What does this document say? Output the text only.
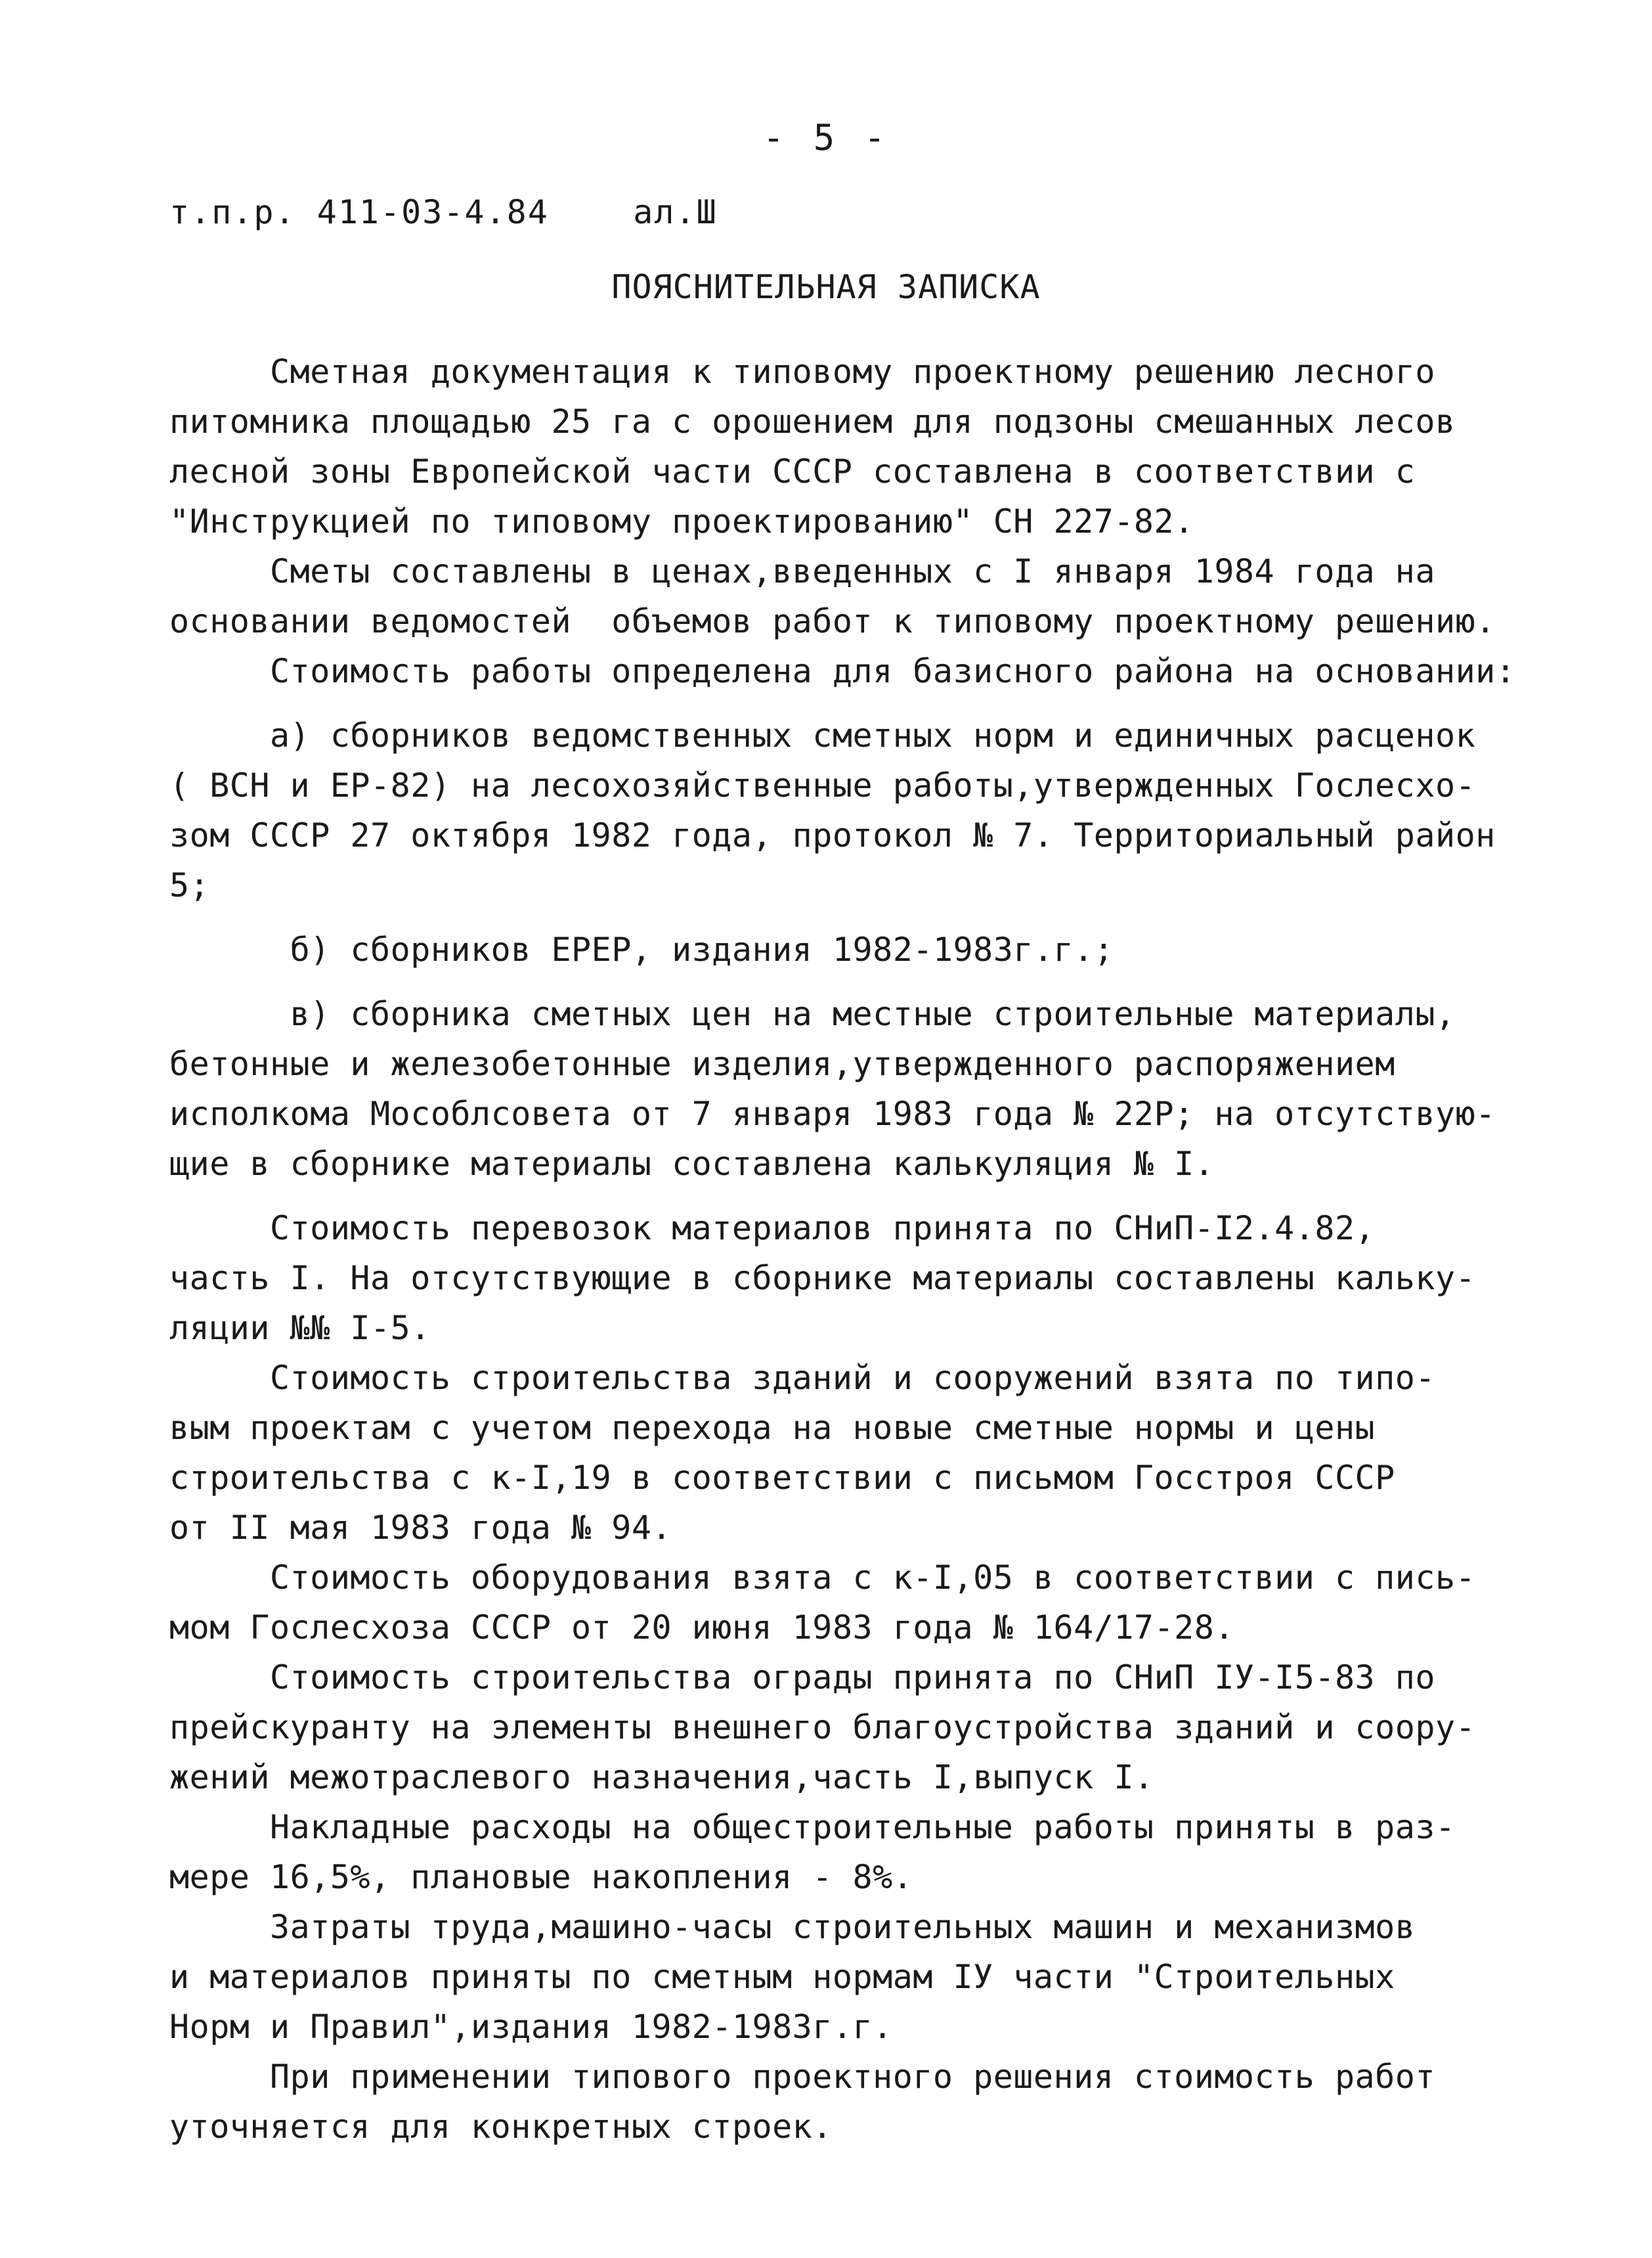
- 5 -
т.п.р. 411-03-4.84    ал.Ш
ПОЯСНИТЕЛЬНАЯ ЗАПИСКА
Сметная документация к типовому проектному решению лесного
питомника площадью 25 га с орошением для подзоны смешанных лесов
лесной зоны Европейской части СССР составлена в соответствии с
"Инструкцией по типовому проектированию" СН 227-82.
Сметы составлены в ценах,введенных с I января 1984 года на
основании ведомостей  объемов работ к типовому проектному решению.
Стоимость работы определена для базисного района на основании:
а) сборников ведомственных сметных норм и единичных расценок
( ВСН и ЕР-82) на лесохозяйственные работы,утвержденных Гослесхо-
зом СССР 27 октября 1982 года, протокол № 7. Территориальный район
5;
б) сборников ЕРЕР, издания 1982-1983г.г.;
в) сборника сметных цен на местные строительные материалы,
бетонные и железобетонные изделия,утвержденного распоряжением
исполкома Мособлсовета от 7 января 1983 года № 22Р; на отсутствую-
щие в сборнике материалы составлена калькуляция № I.
Стоимость перевозок материалов принята по СНиП-I2.4.82,
часть I. На отсутствующие в сборнике материалы составлены кальку-
ляции №№ I-5.
Стоимость строительства зданий и сооружений взята по типо-
вым проектам с учетом перехода на новые сметные нормы и цены
строительства с к-I,19 в соответствии с письмом Госстроя СССР
от II мая 1983 года № 94.
Стоимость оборудования взята с к-I,05 в соответствии с пись-
мом Гослесхоза СССР от 20 июня 1983 года № 164/17-28.
Стоимость строительства ограды принята по СНиП IУ-I5-83 по
прейскуранту на элементы внешнего благоустройства зданий и соору-
жений межотраслевого назначения,часть I,выпуск I.
Накладные расходы на общестроительные работы приняты в раз-
мере 16,5%, плановые накопления - 8%.
Затраты труда,машино-часы строительных машин и механизмов
и материалов приняты по сметным нормам IУ части "Строительных
Норм и Правил",издания 1982-1983г.г.
При применении типового проектного решения стоимость работ
уточняется для конкретных строек.
